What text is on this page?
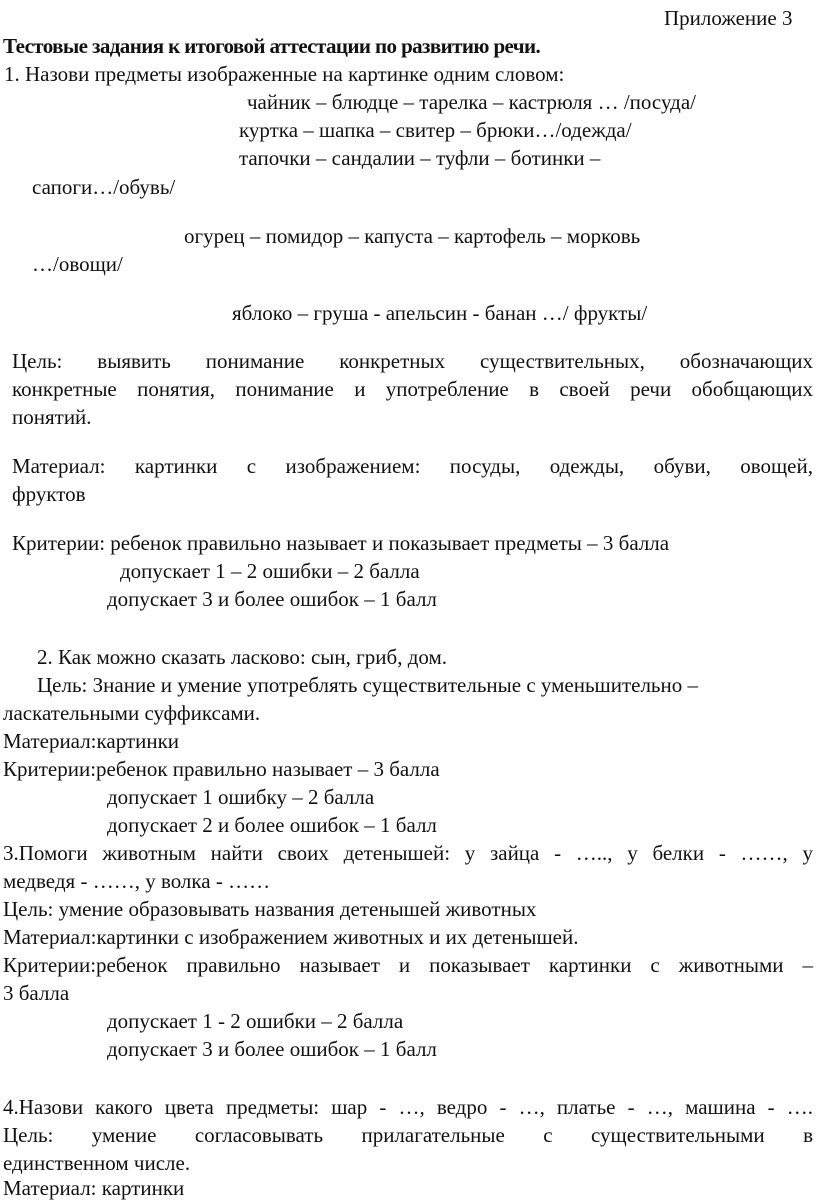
Приложение 3
Тестовые задания к итоговой аттестации по развитию речи.
1. Назови предметы изображенные на картинке одним словом:
чайник – блюдце – тарелка – кастрюля … /посуда/
куртка – шапка – свитер – брюки…/одежда/
тапочки – сандалии – туфли – ботинки –
сапоги…/обувь/
огурец – помидор – капуста – картофель – морковь
…/овощи/
яблоко – груша - апельсин - банан …/ фрукты/
Цель: выявить понимание конкретных существительных, обозначающих
конкретные понятия, понимание и употребление в своей речи обобщающих
понятий.
Материал: картинки с изображением: посуды, одежды, обуви, овощей,
фруктов
Критерии: ребенок правильно называет и показывает предметы – 3 балла
допускает 1 – 2 ошибки – 2 балла
допускает 3 и более ошибок – 1 балл
2. Как можно сказать ласково: сын, гриб, дом.
Цель: Знание и умение употреблять существительные с уменьшительно –
ласкательными суффиксами.
Материал:картинки
Критерии:ребенок правильно называет – 3 балла
допускает 1 ошибку – 2 балла
допускает 2 и более ошибок – 1 балл
3.Помоги животным найти своих детенышей: у зайца - ….., у белки - ……, у
медведя - ……, у волка - ……
Цель: умение образовывать названия детенышей животных
Материал:картинки с изображением животных и их детенышей.
Критерии:ребенок правильно называет и показывает картинки с животными –
3 балла
допускает 1 - 2 ошибки – 2 балла
допускает 3 и более ошибок – 1 балл
4.Назови какого цвета предметы: шар - …, ведро - …, платье - …, машина - ….
Цель: умение согласовывать прилагательные с существительными в
единственном числе.
Материал: картинки
